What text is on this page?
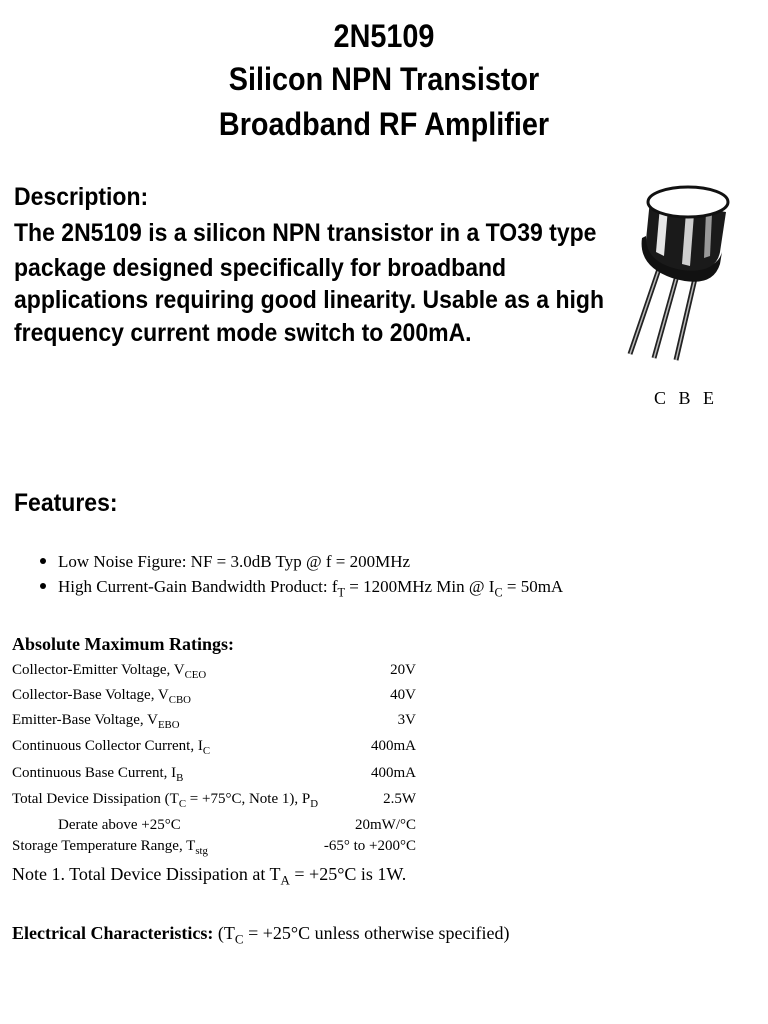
2N5109
Silicon NPN Transistor
Broadband RF Amplifier
Description:
The 2N5109 is a silicon NPN transistor in a TO39 type
package designed specifically for broadband
applications requiring good linearity. Usable as a high
frequency current mode switch to 200mA.
C B E
Features:
Low Noise Figure: NF = 3.0dB Typ @ f = 200MHz
High Current-Gain Bandwidth Product: $f_T = 1200MHz$ Min @ $I_C = 50mA$
Absolute Maximum Ratings:
Collector-Emitter Voltage, $V_{CEO}$	20V
Collector-Base Voltage, $V_{CBO}$	40V
Emitter-Base Voltage, $V_{EBO}$	3V
Continuous Collector Current, $I_C$	400mA
Continuous Base Current, $I_B$	400mA
Total Device Dissipation ($T_C = +75^\circ C$, Note 1), $P_D$	2.5W
Derate above +25°C	20mW/°C
Storage Temperature Range, $T_{stg}$	-65° to +200°C
Note 1. Total Device Dissipation at $T_A = +25^\circ C$ is 1W.
Electrical Characteristics: ($T_C = +25^\circ C$ unless otherwise specified)
